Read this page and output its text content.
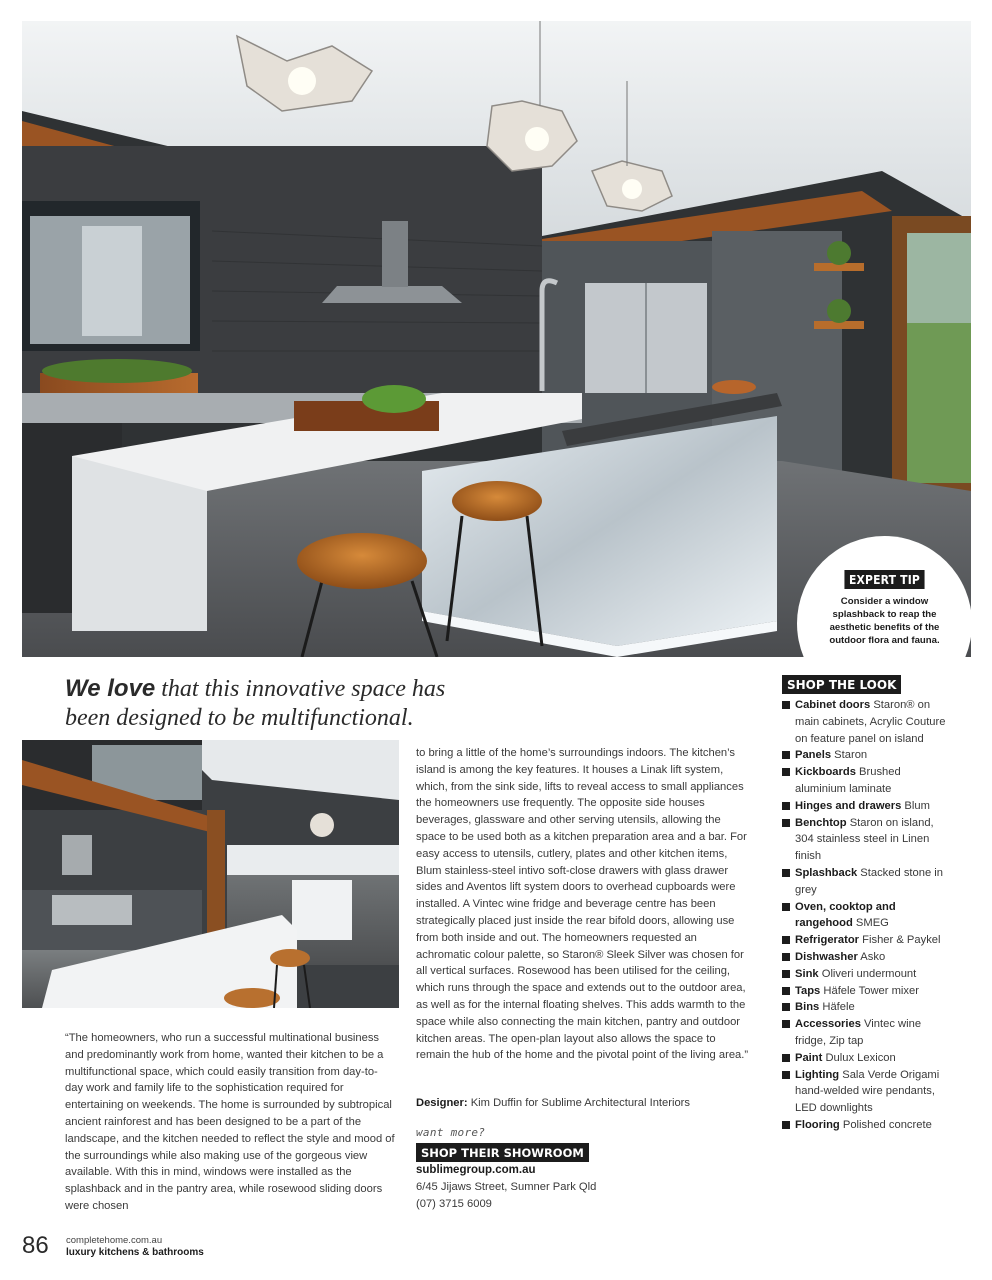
EXPERT TIP
Consider a window splashback to reap the aesthetic benefits of the outdoor flora and fauna.
We love that this innovative space has been designed to be multifunctional.
“The homeowners, who run a successful multinational business and predominantly work from home, wanted their kitchen to be a multifunctional space, which could easily transition from day-to-day work and family life to the sophistication required for entertaining on weekends. The home is surrounded by subtropical ancient rainforest and has been designed to be a part of the landscape, and the kitchen needed to reflect the style and mood of the surroundings while also making use of the gorgeous view available. With this in mind, windows were installed as the splashback and in the pantry area, while rosewood sliding doors were chosen
to bring a little of the home’s surroundings indoors. The kitchen’s island is among the key features. It houses a Linak lift system, which, from the sink side, lifts to reveal access to small appliances the homeowners use frequently. The opposite side houses beverages, glassware and other serving utensils, allowing the space to be used both as a kitchen preparation area and a bar. For easy access to utensils, cutlery, plates and other kitchen items, Blum stainless-steel intivo soft-close drawers with glass drawer sides and Aventos lift system doors to overhead cupboards were installed. A Vintec wine fridge and beverage centre has been strategically placed just inside the rear bifold doors, allowing use from both inside and out. The homeowners requested an achromatic colour palette, so Staron® Sleek Silver was chosen for all vertical surfaces. Rosewood has been utilised for the ceiling, which runs through the space and extends out to the outdoor area, as well as for the internal floating shelves. This adds warmth to the space while also connecting the main kitchen, pantry and outdoor kitchen areas. The open-plan layout also allows the space to remain the hub of the home and the pivotal point of the living area.”
Designer: Kim Duffin for Sublime Architectural Interiors
want more?
SHOP THEIR SHOWROOM
sublimegroup.com.au
6/45 Jijaws Street, Sumner Park Qld
(07) 3715 6009
SHOP THE LOOK
Cabinet doors Staron® on main cabinets, Acrylic Couture on feature panel on island
Panels Staron
Kickboards Brushed aluminium laminate
Hinges and drawers Blum
Benchtop Staron on island, 304 stainless steel in Linen finish
Splashback Stacked stone in grey
Oven, cooktop and rangehood SMEG
Refrigerator Fisher & Paykel
Dishwasher Asko
Sink Oliveri undermount
Taps Häfele Tower mixer
Bins Häfele
Accessories Vintec wine fridge, Zip tap
Paint Dulux Lexicon
Lighting Sala Verde Origami hand-welded wire pendants, LED downlights
Flooring Polished concrete
86 completehome.com.au
luxury kitchens & bathrooms
